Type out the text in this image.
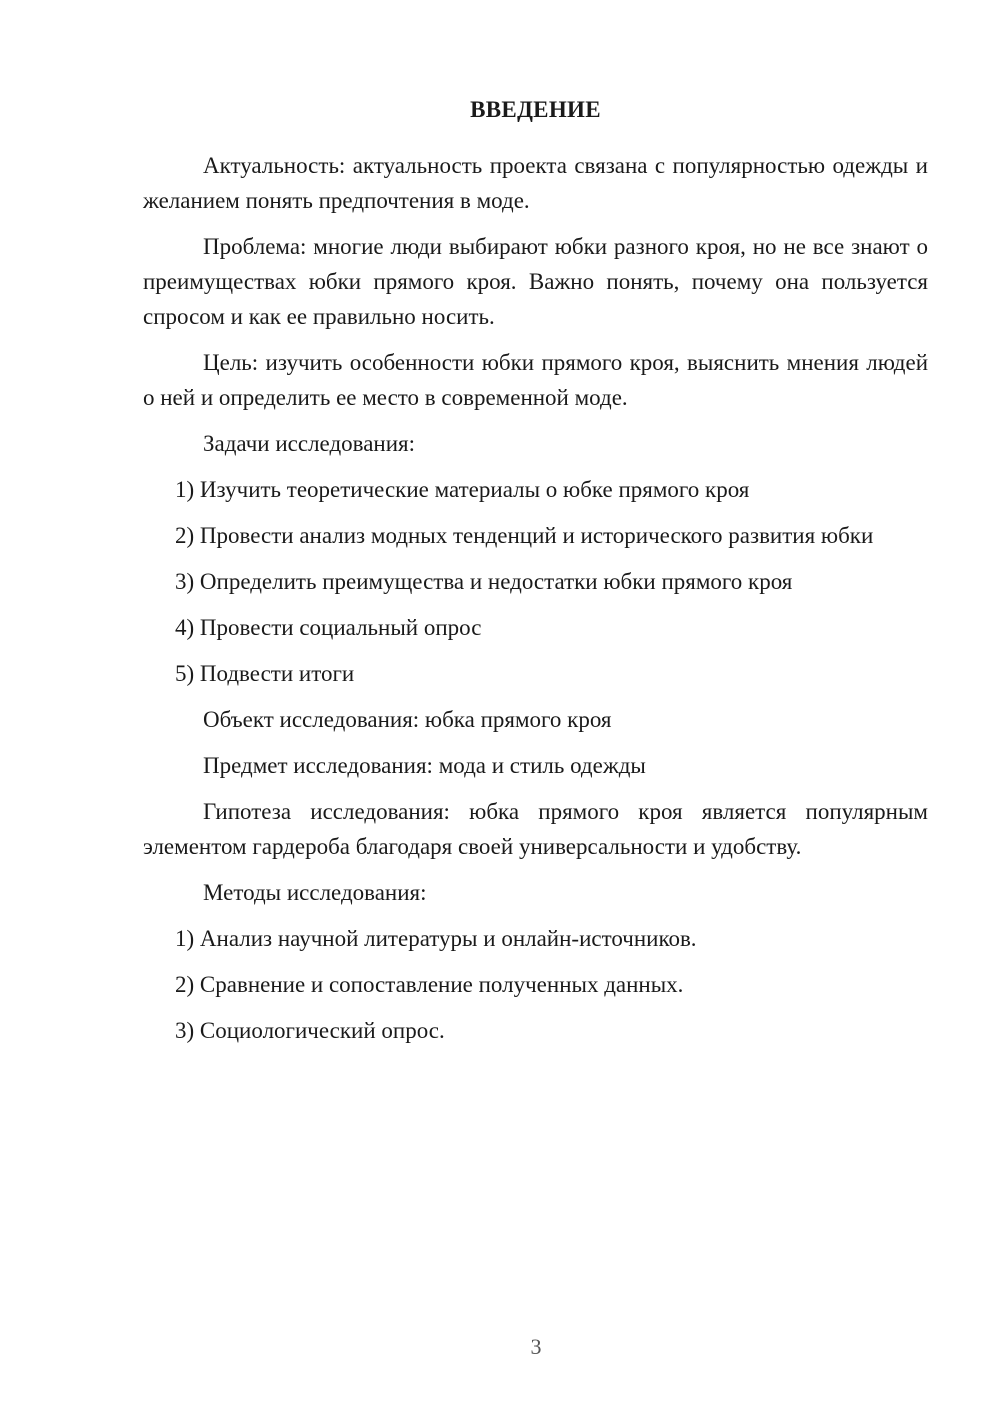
ВВЕДЕНИЕ

Актуальность: актуальность проекта связана с популярностью одежды и желанием понять предпочтения в моде.

Проблема: многие люди выбирают юбки разного кроя, но не все знают о преимуществах юбки прямого кроя. Важно понять, почему она пользуется спросом и как ее правильно носить.

Цель: изучить особенности юбки прямого кроя, выяснить мнения людей о ней и определить ее место в современной моде.

Задачи исследования:

1) Изучить теоретические материалы о юбке прямого кроя

2) Провести анализ модных тенденций и исторического развития юбки

3) Определить преимущества и недостатки юбки прямого кроя

4) Провести социальный опрос

5) Подвести итоги

Объект исследования: юбка прямого кроя

Предмет исследования: мода и стиль одежды

Гипотеза исследования: юбка прямого кроя является популярным элементом гардероба благодаря своей универсальности и удобству.

Методы исследования:

1) Анализ научной литературы и онлайн-источников.

2) Сравнение и сопоставление полученных данных.

3) Социологический опрос.

3
